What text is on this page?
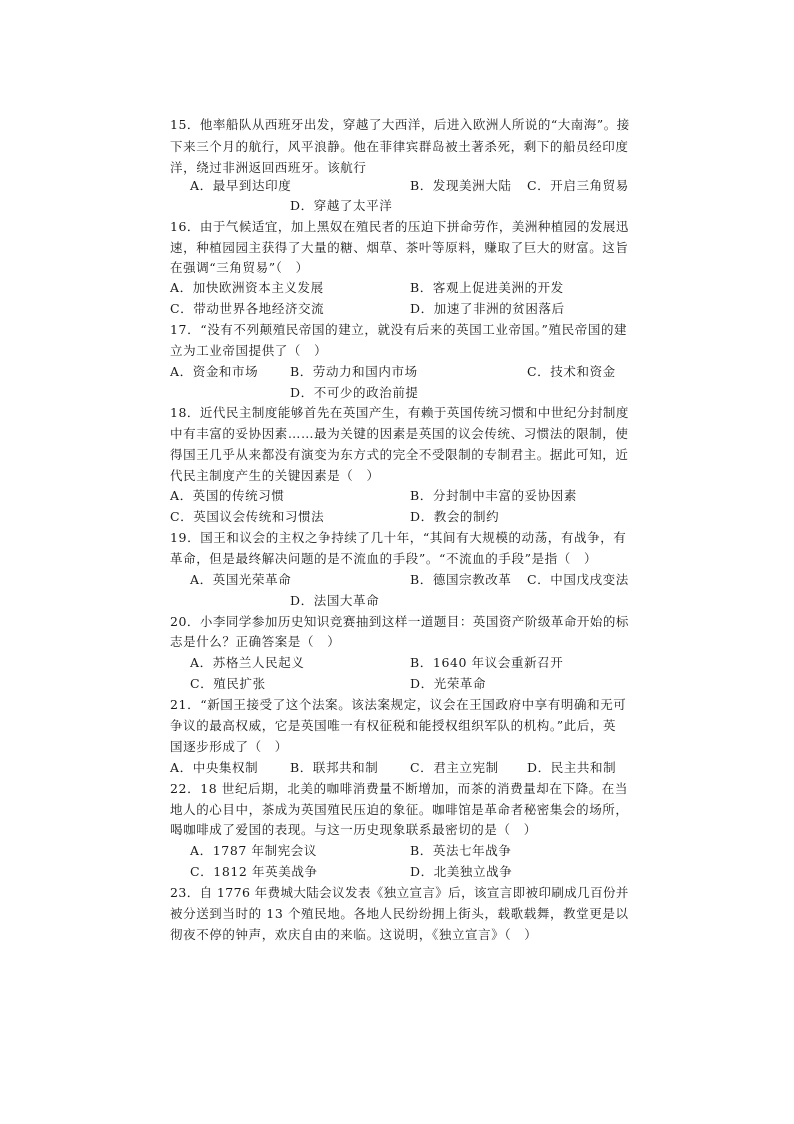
15．他率船队从西班牙出发，穿越了大西洋，后进入欧洲人所说的“大南海”。接
下来三个月的航行，风平浪静。他在菲律宾群岛被土著杀死，剩下的船员经印度
洋，绕过非洲返回西班牙。该航行
A．最早到达印度	B．发现美洲大陆 C．开启三角贸易
D．穿越了太平洋
16．由于气候适宜，加上黑奴在殖民者的压迫下拼命劳作，美洲种植园的发展迅
速，种植园园主获得了大量的糖、烟草、茶叶等原料，赚取了巨大的财富。这旨
在强调“三角贸易”（　）
A．加快欧洲资本主义发展	B．客观上促进美洲的开发
C．带动世界各地经济交流	D．加速了非洲的贫困落后
17．“没有不列颠殖民帝国的建立，就没有后来的英国工业帝国。”殖民帝国的建
立为工业帝国提供了（　）
A．资金和市场	B．劳动力和国内市场	C．技术和资金
D．不可少的政治前提
18．近代民主制度能够首先在英国产生，有赖于英国传统习惯和中世纪分封制度
中有丰富的妥协因素……最为关键的因素是英国的议会传统、习惯法的限制，使
得国王几乎从来都没有演变为东方式的完全不受限制的专制君主。据此可知，近
代民主制度产生的关键因素是（　）
A．英国的传统习惯	B．分封制中丰富的妥协因素
C．英国议会传统和习惯法	D．教会的制约
19．国王和议会的主权之争持续了几十年，“其间有大规模的动荡，有战争，有
革命，但是最终解决问题的是不流血的手段”。“不流血的手段”是指（　）
A．英国光荣革命	B．德国宗教改革 C．中国戊戌变法
D．法国大革命
20．小李同学参加历史知识竞赛抽到这样一道题目：英国资产阶级革命开始的标
志是什么？正确答案是（　）
A．苏格兰人民起义	B．1640 年议会重新召开
C．殖民扩张	D．光荣革命
21．“新国王接受了这个法案。该法案规定，议会在王国政府中享有明确和无可
争议的最高权威，它是英国唯一有权征税和能授权组织军队的机构。”此后，英
国逐步形成了（　）
A．中央集权制	B．联邦共和制	C．君主立宪制 D．民主共和制
22．18 世纪后期，北美的咖啡消费量不断增加，而茶的消费量却在下降。在当
地人的心目中，茶成为英国殖民压迫的象征。咖啡馆是革命者秘密集会的场所，
喝咖啡成了爱国的表现。与这一历史现象联系最密切的是（　）
A．1787 年制宪会议	B．英法七年战争
C．1812 年英美战争	D．北美独立战争
23．自 1776 年费城大陆会议发表《独立宣言》后，该宣言即被印刷成几百份并
被分送到当时的 13 个殖民地。各地人民纷纷拥上街头，载歌载舞，教堂更是以
彻夜不停的钟声，欢庆自由的来临。这说明，《独立宣言》（　）
